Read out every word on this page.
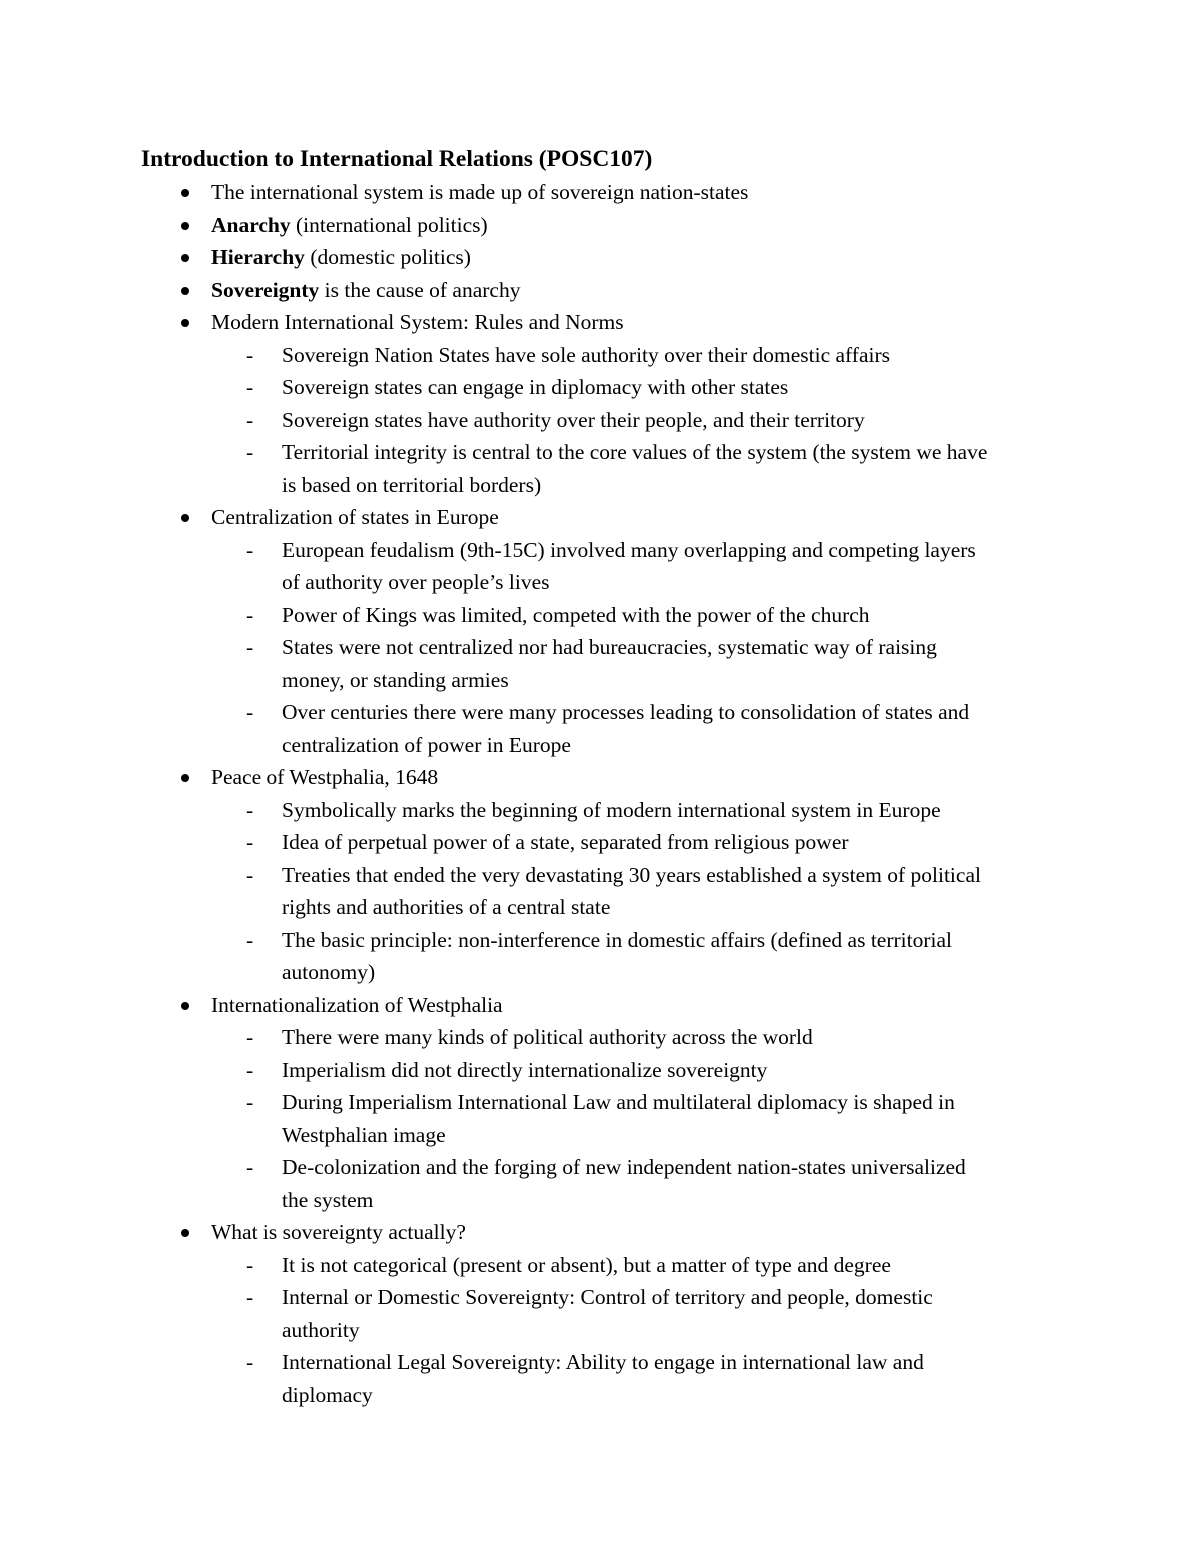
Introduction to International Relations (POSC107)
The international system is made up of sovereign nation-states
Anarchy (international politics)
Hierarchy (domestic politics)
Sovereignty is the cause of anarchy
Modern International System: Rules and Norms
- Sovereign Nation States have sole authority over their domestic affairs
- Sovereign states can engage in diplomacy with other states
- Sovereign states have authority over their people, and their territory
- Territorial integrity is central to the core values of the system (the system we have
is based on territorial borders)
Centralization of states in Europe
- European feudalism (9th-15C) involved many overlapping and competing layers
of authority over people’s lives
- Power of Kings was limited, competed with the power of the church
- States were not centralized nor had bureaucracies, systematic way of raising
money, or standing armies
- Over centuries there were many processes leading to consolidation of states and
centralization of power in Europe
Peace of Westphalia, 1648
- Symbolically marks the beginning of modern international system in Europe
- Idea of perpetual power of a state, separated from religious power
- Treaties that ended the very devastating 30 years established a system of political
rights and authorities of a central state
- The basic principle: non-interference in domestic affairs (defined as territorial
autonomy)
Internationalization of Westphalia
- There were many kinds of political authority across the world
- Imperialism did not directly internationalize sovereignty
- During Imperialism International Law and multilateral diplomacy is shaped in
Westphalian image
- De-colonization and the forging of new independent nation-states universalized
the system
What is sovereignty actually?
- It is not categorical (present or absent), but a matter of type and degree
- Internal or Domestic Sovereignty: Control of territory and people, domestic
authority
- International Legal Sovereignty: Ability to engage in international law and
diplomacy
